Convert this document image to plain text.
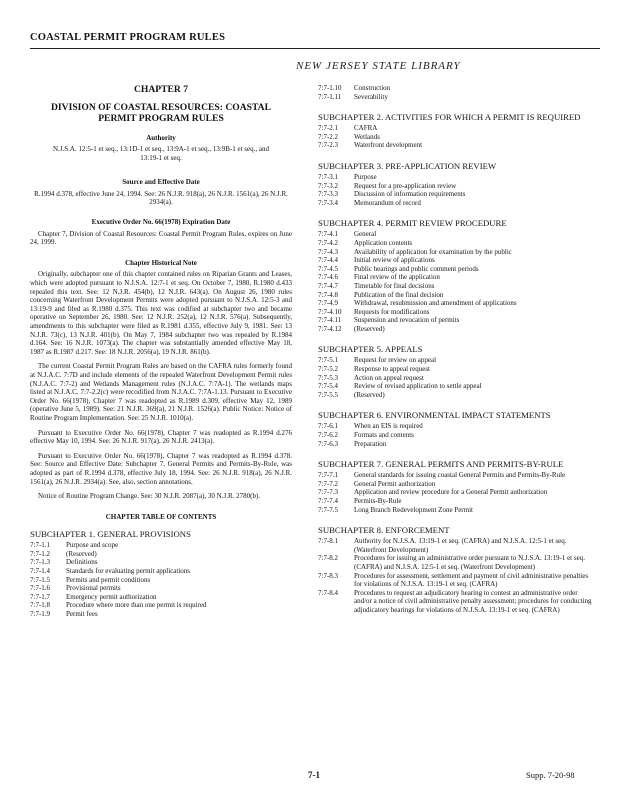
COASTAL PERMIT PROGRAM RULES
NEW JERSEY STATE LIBRARY
CHAPTER 7
DIVISION OF COASTAL RESOURCES: COASTAL PERMIT PROGRAM RULES
Authority
N.J.S.A. 12:5-1 et seq., 13:1D-1 et seq., 13:9A-1 et seq., 13:9B-1 et seq., and 13:19-1 et seq.
Source and Effective Date
R.1994 d.378, effective June 24, 1994. See: 26 N.J.R. 918(a), 26 N.J.R. 1561(a), 26 N.J.R. 2934(a).
Executive Order No. 66(1978) Expiration Date

Chapter 7, Division of Coastal Resources: Coastal Permit Program Rules, expires on June 24, 1999.

Chapter Historical Note

Originally, subchapter one of this chapter contained rules on Riparian Grants and Leases, which were adopted pursuant to N.J.S.A. 12:7-1 et seq. On October 7, 1980, R.1980 d.433 repealed this text. See: 12 N.J.R. 454(b), 12 N.J.R. 643(a). On August 26, 1980 rules concerning Waterfront Development Permits were adopted pursuant to N.J.S.A. 12:5-3 and 13:19-9 and filed as R.1980 d.375. This text was codified at subchapter two and became operative on September 26, 1980. See: 12 N.J.R. 252(a), 12 N.J.R. 576(a). Subsequently, amendments to this subchapter were filed as R.1981 d.355, effective July 9, 1981. See: 13 N.J.R. 73(c), 13 N.J.R. 401(b). On May 7, 1984 subchapter two was repealed by R.1984 d.164. See: 16 N.J.R. 1073(a). The chapter was substantially amended effective May 18, 1987 as R.1987 d.217. See: 18 N.J.R. 2056(a), 19 N.J.R. 861(b).

The current Coastal Permit Program Rules are based on the CAFRA rules formerly found at N.J.A.C. 7:7D and include elements of the repealed Waterfront Development Permit rules (N.J.A.C. 7:7-2) and Wetlands Management rules (N.J.A.C. 7:7A-1). The wetlands maps listed at N.J.A.C. 7:7-2.2(c) were recodified from N.J.A.C. 7:7A-1.13. Pursuant to Executive Order No. 66(1978), Chapter 7 was readopted as R.1989 d.309, effective May 12, 1989 (operative June 5, 1989). See: 21 N.J.R. 369(a), 21 N.J.R. 1526(a). Public Notice: Notice of Routine Program Implementation. See: 25 N.J.R. 1010(a).

Pursuant to Executive Order No. 66(1978), Chapter 7 was readopted as R.1994 d.276 effective May 10, 1994. See: 26 N.J.R. 917(a), 26 N.J.R. 2413(a).

Pursuant to Executive Order No. 66(1978), Chapter 7 was readopted as R.1994 d.378. See: Source and Effective Date: Subchapter 7, General Permits and Permits-By-Rule, was adopted as part of R.1994 d.378, effective July 18, 1994. See: 26 N.J.R. 918(a), 26 N.J.R. 1561(a), 26 N.J.R. 2934(a). See, also, section annotations.

Notice of Routine Program Change. See: 30 N.J.R. 2087(a), 30 N.J.R. 2780(b).

CHAPTER TABLE OF CONTENTS
SUBCHAPTER 1. GENERAL PROVISIONS
7:7-1.1	Purpose and scope
7:7-1.2	(Reserved)
7:7-1.3	Definitions
7:7-1.4	Standards for evaluating permit applications
7:7-1.5	Permits and permit conditions
7:7-1.6	Provisional permits
7:7-1.7	Emergency permit authorization
7:7-1.8	Procedure where more than one permit is required
7:7-1.9	Permit fees
7:7-1.10	Construction
7:7-1.11	Severability
SUBCHAPTER 2. ACTIVITIES FOR WHICH A PERMIT IS REQUIRED
7:7-2.1	CAFRA
7:7-2.2	Wetlands
7:7-2.3	Waterfront development
SUBCHAPTER 3. PRE-APPLICATION REVIEW
7:7-3.1	Purpose
7:7-3.2	Request for a pre-application review
7:7-3.3	Discussion of information requirements
7:7-3.4	Memorandum of record
SUBCHAPTER 4. PERMIT REVIEW PROCEDURE
7:7-4.1	General
7:7-4.2	Application contents
7:7-4.3	Availability of application for examination by the public
7:7-4.4	Initial review of applications
7:7-4.5	Public hearings and public comment periods
7:7-4.6	Final review of the application
7:7-4.7	Timetable for final decisions
7:7-4.8	Publication of the final decision
7:7-4.9	Withdrawal, resubmission and amendment of applications
7:7-4.10	Requests for modifications
7:7-4.11	Suspension and revocation of permits
7:7-4.12	(Reserved)
SUBCHAPTER 5. APPEALS
7:7-5.1	Request for review on appeal
7:7-5.2	Response to appeal request
7:7-5.3	Action on appeal request
7:7-5.4	Review of revised application to settle appeal
7:7-5.5	(Reserved)
SUBCHAPTER 6. ENVIRONMENTAL IMPACT STATEMENTS
7:7-6.1	When an EIS is required
7:7-6.2	Formats and contents
7:7-6.3	Preparation
SUBCHAPTER 7. GENERAL PERMITS AND PERMITS-BY-RULE
7:7-7.1	General standards for issuing coastal General Permits and Permits-By-Rule
7:7-7.2	General Permit authorization
7:7-7.3	Application and review procedure for a General Permit authorization
7:7-7.4	Permits-By-Rule
7:7-7.5	Long Branch Redevelopment Zone Permit
SUBCHAPTER 8. ENFORCEMENT
7:7-8.1	Authority for N.J.S.A. 13:19-1 et seq. (CAFRA) and N.J.S.A. 12:5-1 et seq. (Waterfront Development)
7:7-8.2	Procedures for issuing an administrative order pursuant to N.J.S.A. 13:19-1 et seq. (CAFRA) and N.J.S.A. 12:5-1 et seq. (Waterfront Development)
7:7-8.3	Procedures for assessment, settlement and payment of civil administrative penalties for violations of N.J.S.A. 13:19-1 et seq. (CAFRA)
7:7-8.4	Procedures to request an adjudicatory hearing to contest an administrative order and/or a notice of civil administrative penalty assessment; procedures for conducting adjudicatory hearings for violations of N.J.S.A. 13:19-1 et seq. (CAFRA)
7-1	Supp. 7-20-98
